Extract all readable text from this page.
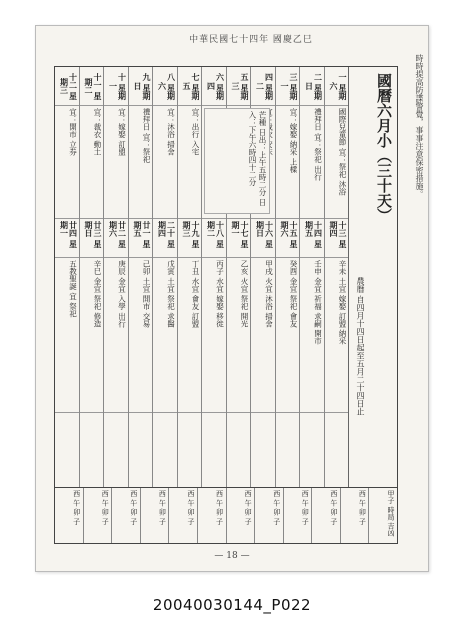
中華民國七十四年 國慶乙巳
時時提高防諜警覺，事事注意保密措施。
國曆六月小（三十天）
農曆 自四月十四日起至五月二十四日止
一 星期六
國際兒童節 宜：祭祀 沐浴
十三 星期四
辛未 土宜 嫁娶 訂盟 納采
二 星期日
禮拜日 宜：祭祀 出行
十四 星期五
壬申 金宜 祈福 求嗣 開市
三 星期一
宜：嫁娶 納采 上樑
十五 星期六
癸酉 金宜 祭祀 會友
四 星期二
十六 星期日
甲戌 火宜 沐浴 掃舍
五 星期三
十七 星期一
乙亥 火宜 祭祀 開光
六 星期四
十八 星期二
丙子 水宜 嫁娶 移徙
七 星期五
宜：出行 入宅
十九 星期三
丁丑 水宜 會友 訂盟
八 星期六
宜：沐浴 掃舍
二十 星期四
戊寅 土宜 祭祀 求醫
九 星期日
禮拜日 宜：祭祀
廿一 星期五
己卯 土宜 開市 交易
十 星期一
宜：嫁娶 訂盟
廿二 星期六
庚辰 金宜 入學 出行
十一 星期二
宜：裁衣 動土
廿三 星期日
辛巳 金宜 祭祀 修造
十二 星期三
宜：開市 立券
廿四 星期一
五教聖誕 宜 祭祀
芒種 日出：上午五時二分 日入：下午六時四十二分
甲子 時局 吉凶
西 午 卯 子
西 午 卯 子
西 午 卯 子
西 午 卯 子
西 午 卯 子
西 午 卯 子
西 午 卯 子
西 午 卯 子
西 午 卯 子
西 午 卯 子
西 午 卯 子
— 18 —
20040030144_P022
